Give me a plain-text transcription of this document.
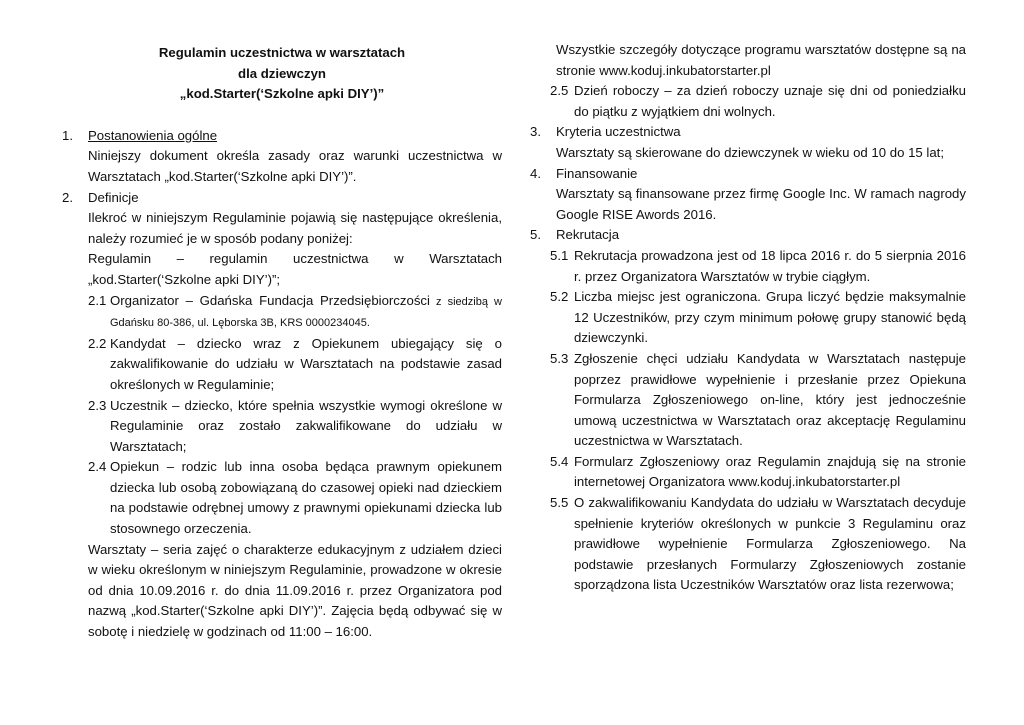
Regulamin uczestnictwa w warsztatach
dla dziewczyn
„kod.Starter(‘Szkolne apki DIY’)”
1. Postanowienia ogólne
Niniejszy dokument określa zasady oraz warunki uczestnictwa w Warsztatach „kod.Starter(‘Szkolne apki DIY’)”.
2. Definicje
Ilekroć w niniejszym Regulaminie pojawią się następujące określenia, należy rozumieć je w sposób podany poniżej:
Regulamin – regulamin uczestnictwa w Warsztatach „kod.Starter(‘Szkolne apki DIY’)”;
2.1 Organizator – Gdańska Fundacja Przedsiębiorczości z siedzibą w Gdańsku 80-386, ul. Lęborska 3B, KRS 0000234045.
2.2 Kandydat – dziecko wraz z Opiekunem ubiegający się o zakwalifikowanie do udziału w Warsztatach na podstawie zasad określonych w Regulaminie;
2.3 Uczestnik – dziecko, które spełnia wszystkie wymogi określone w Regulaminie oraz zostało zakwalifikowane do udziału w Warsztatach;
2.4 Opiekun – rodzic lub inna osoba będąca prawnym opiekunem dziecka lub osobą zobowiązaną do czasowej opieki nad dzieckiem na podstawie odrębnej umowy z prawnymi opiekunami dziecka lub stosownego orzeczenia.
Warsztaty – seria zajęć o charakterze edukacyjnym z udziałem dzieci w wieku określonym w niniejszym Regulaminie, prowadzone w okresie od dnia 10.09.2016 r. do dnia 11.09.2016 r. przez Organizatora pod nazwą „kod.Starter(‘Szkolne apki DIY’)”. Zajęcia będą odbywać się w sobotę i niedzielę w godzinach od 11:00 – 16:00.
Wszystkie szczegóły dotyczące programu warsztatów dostępne są na stronie www.koduj.inkubatorstarter.pl
2.5 Dzień roboczy – za dzień roboczy uznaje się dni od poniedziałku do piątku z wyjątkiem dni wolnych.
3. Kryteria uczestnictwa
Warsztaty są skierowane do dziewczynek w wieku od 10 do 15 lat;
4. Finansowanie
Warsztaty są finansowane przez firmę Google Inc. W ramach nagrody Google RISE Awords 2016.
5. Rekrutacja
5.1 Rekrutacja prowadzona jest od 18 lipca 2016 r. do 5 sierpnia 2016 r. przez Organizatora Warsztatów w trybie ciągłym.
5.2 Liczba miejsc jest ograniczona. Grupa liczyć będzie maksymalnie 12 Uczestników, przy czym minimum połowę grupy stanowić będą dziewczynki.
5.3 Zgłoszenie chęci udziału Kandydata w Warsztatach następuje poprzez prawidłowe wypełnienie i przesłanie przez Opiekuna Formularza Zgłoszeniowego on-line, który jest jednocześnie umową uczestnictwa w Warsztatach oraz akceptację Regulaminu uczestnictwa w Warsztatach.
5.4 Formularz Zgłoszeniowy oraz Regulamin znajdują się na stronie internetowej Organizatora www.koduj.inkubatorstarter.pl
5.5 O zakwalifikowaniu Kandydata do udziału w Warsztatach decyduje spełnienie kryteriów określonych w punkcie 3 Regulaminu oraz prawidłowe wypełnienie Formularza Zgłoszeniowego. Na podstawie przesłanych Formularzy Zgłoszeniowych zostanie sporządzona lista Uczestników Warsztatów oraz lista rezerwowa;
